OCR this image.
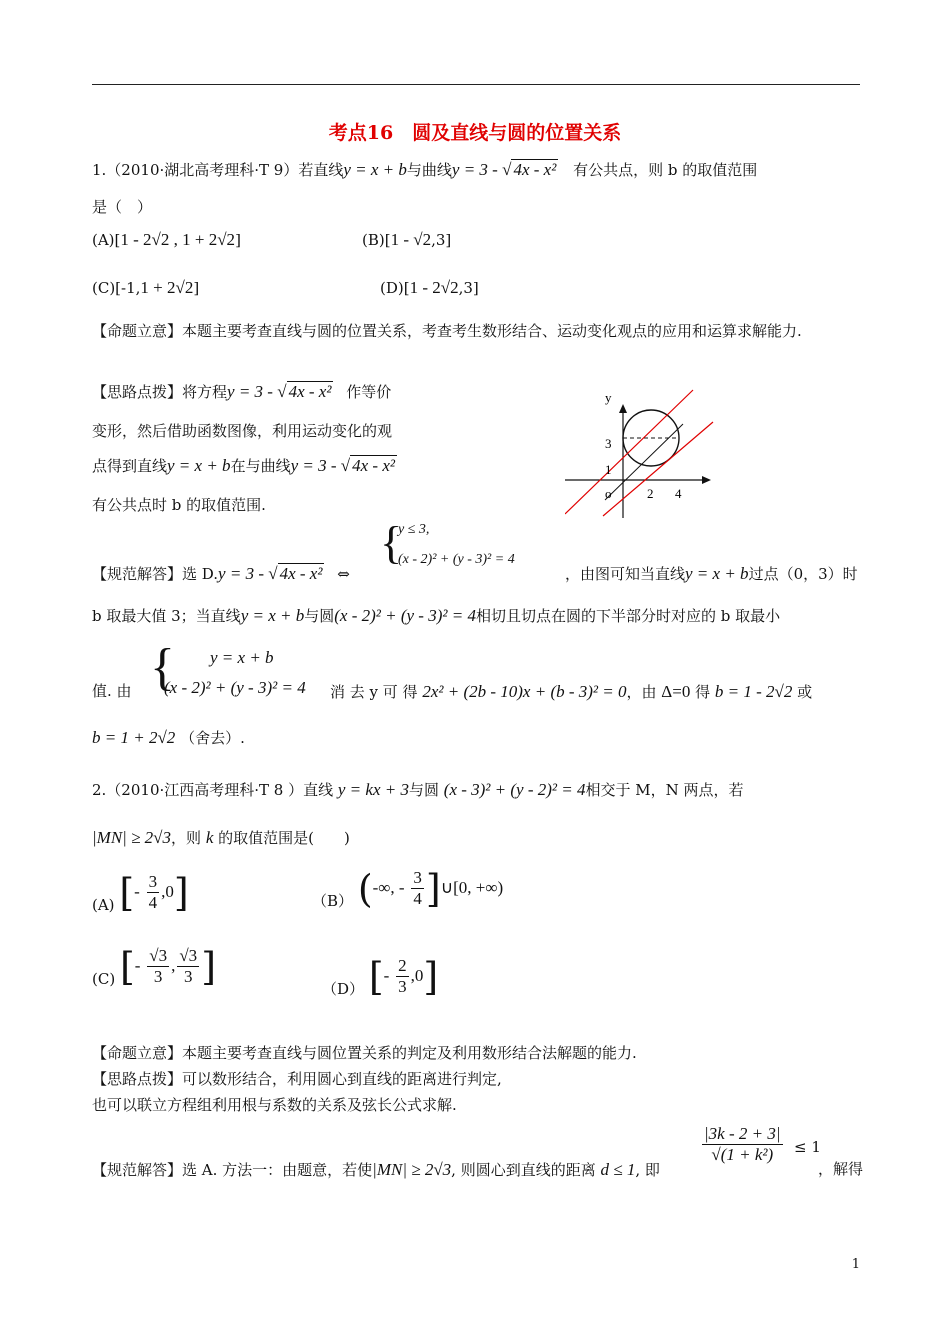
考点16　圆及直线与圆的位置关系
1.（2010·湖北高考理科·T 9）若直线y = x + b与曲线y = 3 - √ 4x - x² 有公共点，则 b 的取值范围
是（　）
(A)[1 - 2√2 , 1 + 2√2]	(B)[1 - √2,3]
(C)[-1,1 + 2√2]	(D)[1 - 2√2,3]
【命题立意】本题主要考查直线与圆的位置关系，考查考生数形结合、运动变化观点的应用和运算求解能力.
【思路点拨】将方程y = 3 - √ 4x - x² 作等价
变形，然后借助函数图像，利用运动变化的观
点得到直线y = x + b在与曲线y = 3 - √ 4x - x²
有公共点时 b 的取值范围.
y
3
1
o	2 4
【规范解答】选 D.y = 3 - √ 4x - x² ⇔
{
y ≤ 3,
(x - 2)² + (y - 3)² = 4
，由图可知当直线y = x + b过点（0，3）时
b 取最大值 3；当直线y = x + b与圆(x - 2)² + (y - 3)² = 4相切且切点在圆的下半部分时对应的 b 取最小
{ y = x + b
(x - 2)² + (y - 3)² = 4
值. 由	消 去 y 可 得 2x² + (2b - 10)x + (b - 3)² = 0，由 Δ=0 得 b = 1 - 2√2 或
b = 1 + 2√2 （舍去）.
2.（2010·江西高考理科·T 8 ）直线 y = kx + 3与圆 (x - 3)² + (y - 2)² = 4相交于 M，N 两点，若
|MN| ≥ 2√3，则 k 的取值范围是(　　)
(A) [- $\frac{3}{4} ,0$]	（B） (-∞, - $\frac{3}{4}$ ]∪[0, +∞)
(C) [- $\frac{√3}{3}$ , $\frac{√3}{3}$ ]	（D） [- $\frac{2}{3} ,0$]
【命题立意】本题主要考查直线与圆位置关系的判定及利用数形结合法解题的能力.
【思路点拨】可以数形结合，利用圆心到直线的距离进行判定,
也可以联立方程组利用根与系数的关系及弦长公式求解.
【规范解答】选 A. 方法一：由题意，若使|MN| ≥ 2√3, 则圆心到直线的距离 d ≤ 1, 即
$\frac{|3k - 2 + 3|}{\text{√(1 + k²)}} \le 1$
，解得
1
